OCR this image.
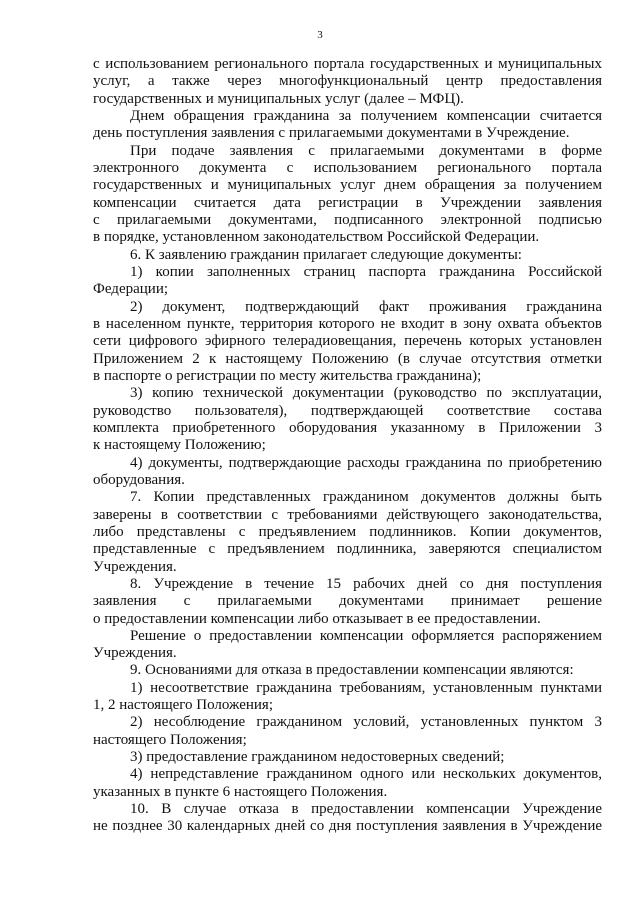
3
с использованием регионального портала государственных и муниципальных
услуг, а также через многофункциональный центр предоставления
государственных и муниципальных услуг (далее – МФЦ).
Днем обращения гражданина за получением компенсации считается
день поступления заявления с прилагаемыми документами в Учреждение.
При подаче заявления с прилагаемыми документами в форме
электронного документа с использованием регионального портала
государственных и муниципальных услуг днем обращения за получением
компенсации считается дата регистрации в Учреждении заявления
с прилагаемыми документами, подписанного электронной подписью
в порядке, установленном законодательством Российской Федерации.
6. К заявлению гражданин прилагает следующие документы:
1) копии заполненных страниц паспорта гражданина Российской
Федерации;
2) документ, подтверждающий факт проживания гражданина
в населенном пункте, территория которого не входит в зону охвата объектов
сети цифрового эфирного телерадиовещания, перечень которых установлен
Приложением 2 к настоящему Положению (в случае отсутствия отметки
в паспорте о регистрации по месту жительства гражданина);
3) копию технической документации (руководство по эксплуатации,
руководство пользователя), подтверждающей соответствие состава
комплекта приобретенного оборудования указанному в Приложении 3
к настоящему Положению;
4) документы, подтверждающие расходы гражданина по приобретению
оборудования.
7. Копии представленных гражданином документов должны быть
заверены в соответствии с требованиями действующего законодательства,
либо представлены с предъявлением подлинников. Копии документов,
представленные с предъявлением подлинника, заверяются специалистом
Учреждения.
8. Учреждение в течение 15 рабочих дней со дня поступления
заявления с прилагаемыми документами принимает решение
о предоставлении компенсации либо отказывает в ее предоставлении.
Решение о предоставлении компенсации оформляется распоряжением
Учреждения.
9. Основаниями для отказа в предоставлении компенсации являются:
1) несоответствие гражданина требованиям, установленным пунктами
1, 2 настоящего Положения;
2) несоблюдение гражданином условий, установленных пунктом 3
настоящего Положения;
3) предоставление гражданином недостоверных сведений;
4) непредставление гражданином одного или нескольких документов,
указанных в пункте 6 настоящего Положения.
10. В случае отказа в предоставлении компенсации Учреждение
не позднее 30 календарных дней со дня поступления заявления в Учреждение
